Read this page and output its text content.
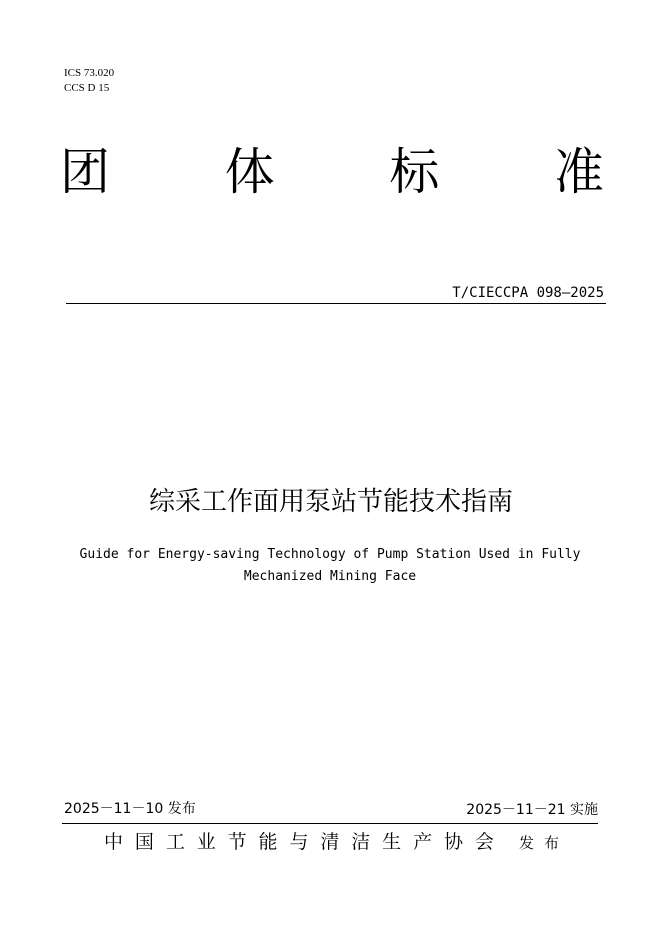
ICS 73.020
CCS D 15
团 体 标 准
T/CIECCPA 098—2025
综采工作面用泵站节能技术指南
Guide for Energy-saving Technology of Pump Station Used in Fully
Mechanized Mining Face
2025－11－10 发布	2025－11－21 实施
中 国 工 业 节 能 与 清 洁 生 产 协 会 发 布
